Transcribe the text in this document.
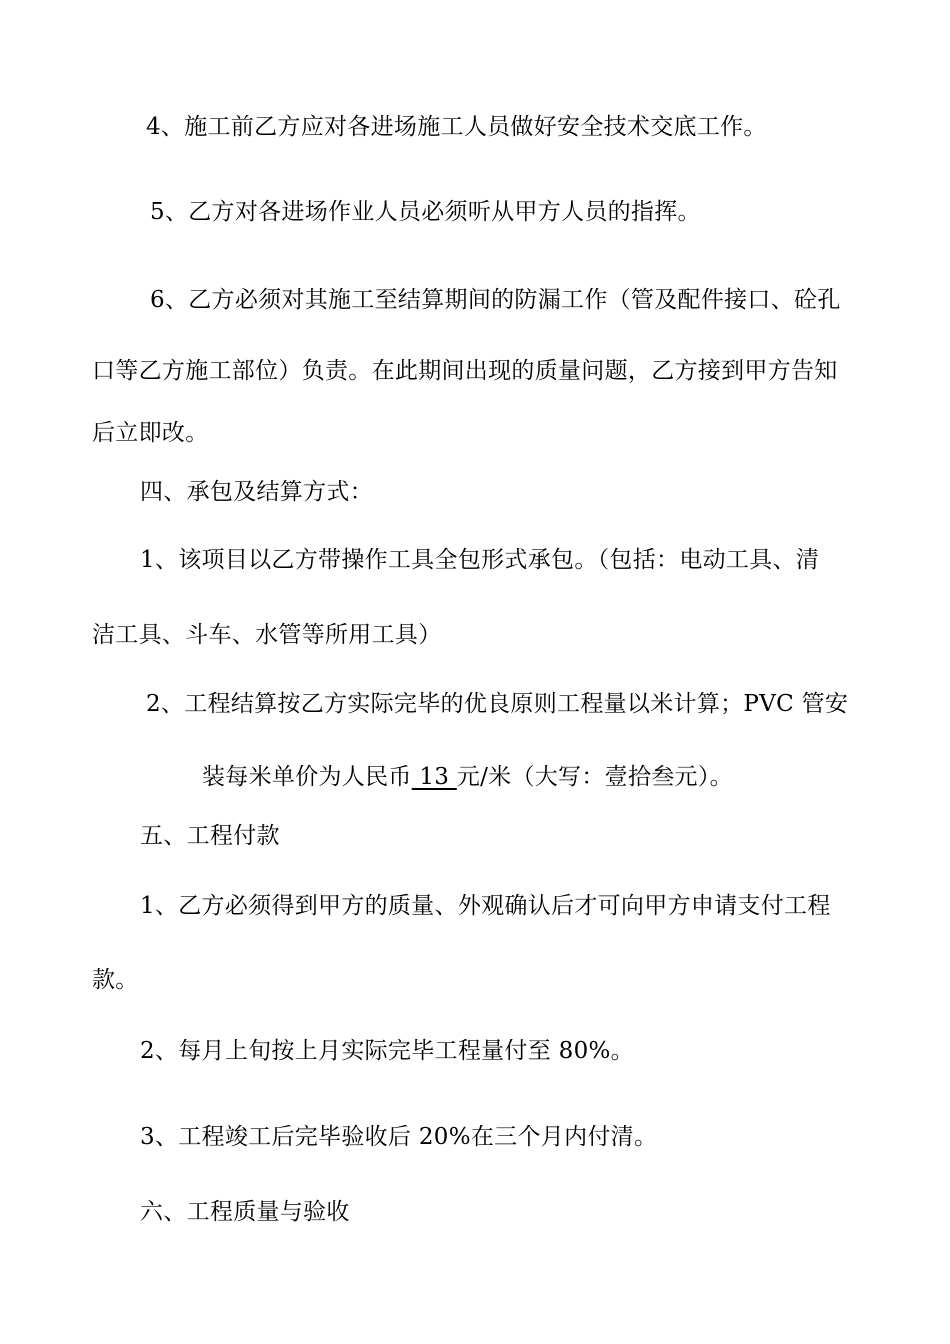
4、施工前乙方应对各进场施工人员做好安全技术交底工作。
5、乙方对各进场作业人员必须听从甲方人员的指挥。
6、乙方必须对其施工至结算期间的防漏工作（管及配件接口、砼孔
口等乙方施工部位）负责。在此期间出现的质量问题，乙方接到甲方告知
后立即改。
四、承包及结算方式：
1、该项目以乙方带操作工具全包形式承包。（包括：电动工具、清
洁工具、斗车、水管等所用工具）
2、工程结算按乙方实际完毕的优良原则工程量以米计算；PVC 管安
装每米单价为人民币 13 元/米（大写：壹拾叁元）。
五、工程付款
1、乙方必须得到甲方的质量、外观确认后才可向甲方申请支付工程
款。
2、每月上旬按上月实际完毕工程量付至 80%。
3、工程竣工后完毕验收后 20%在三个月内付清。
六、工程质量与验收
